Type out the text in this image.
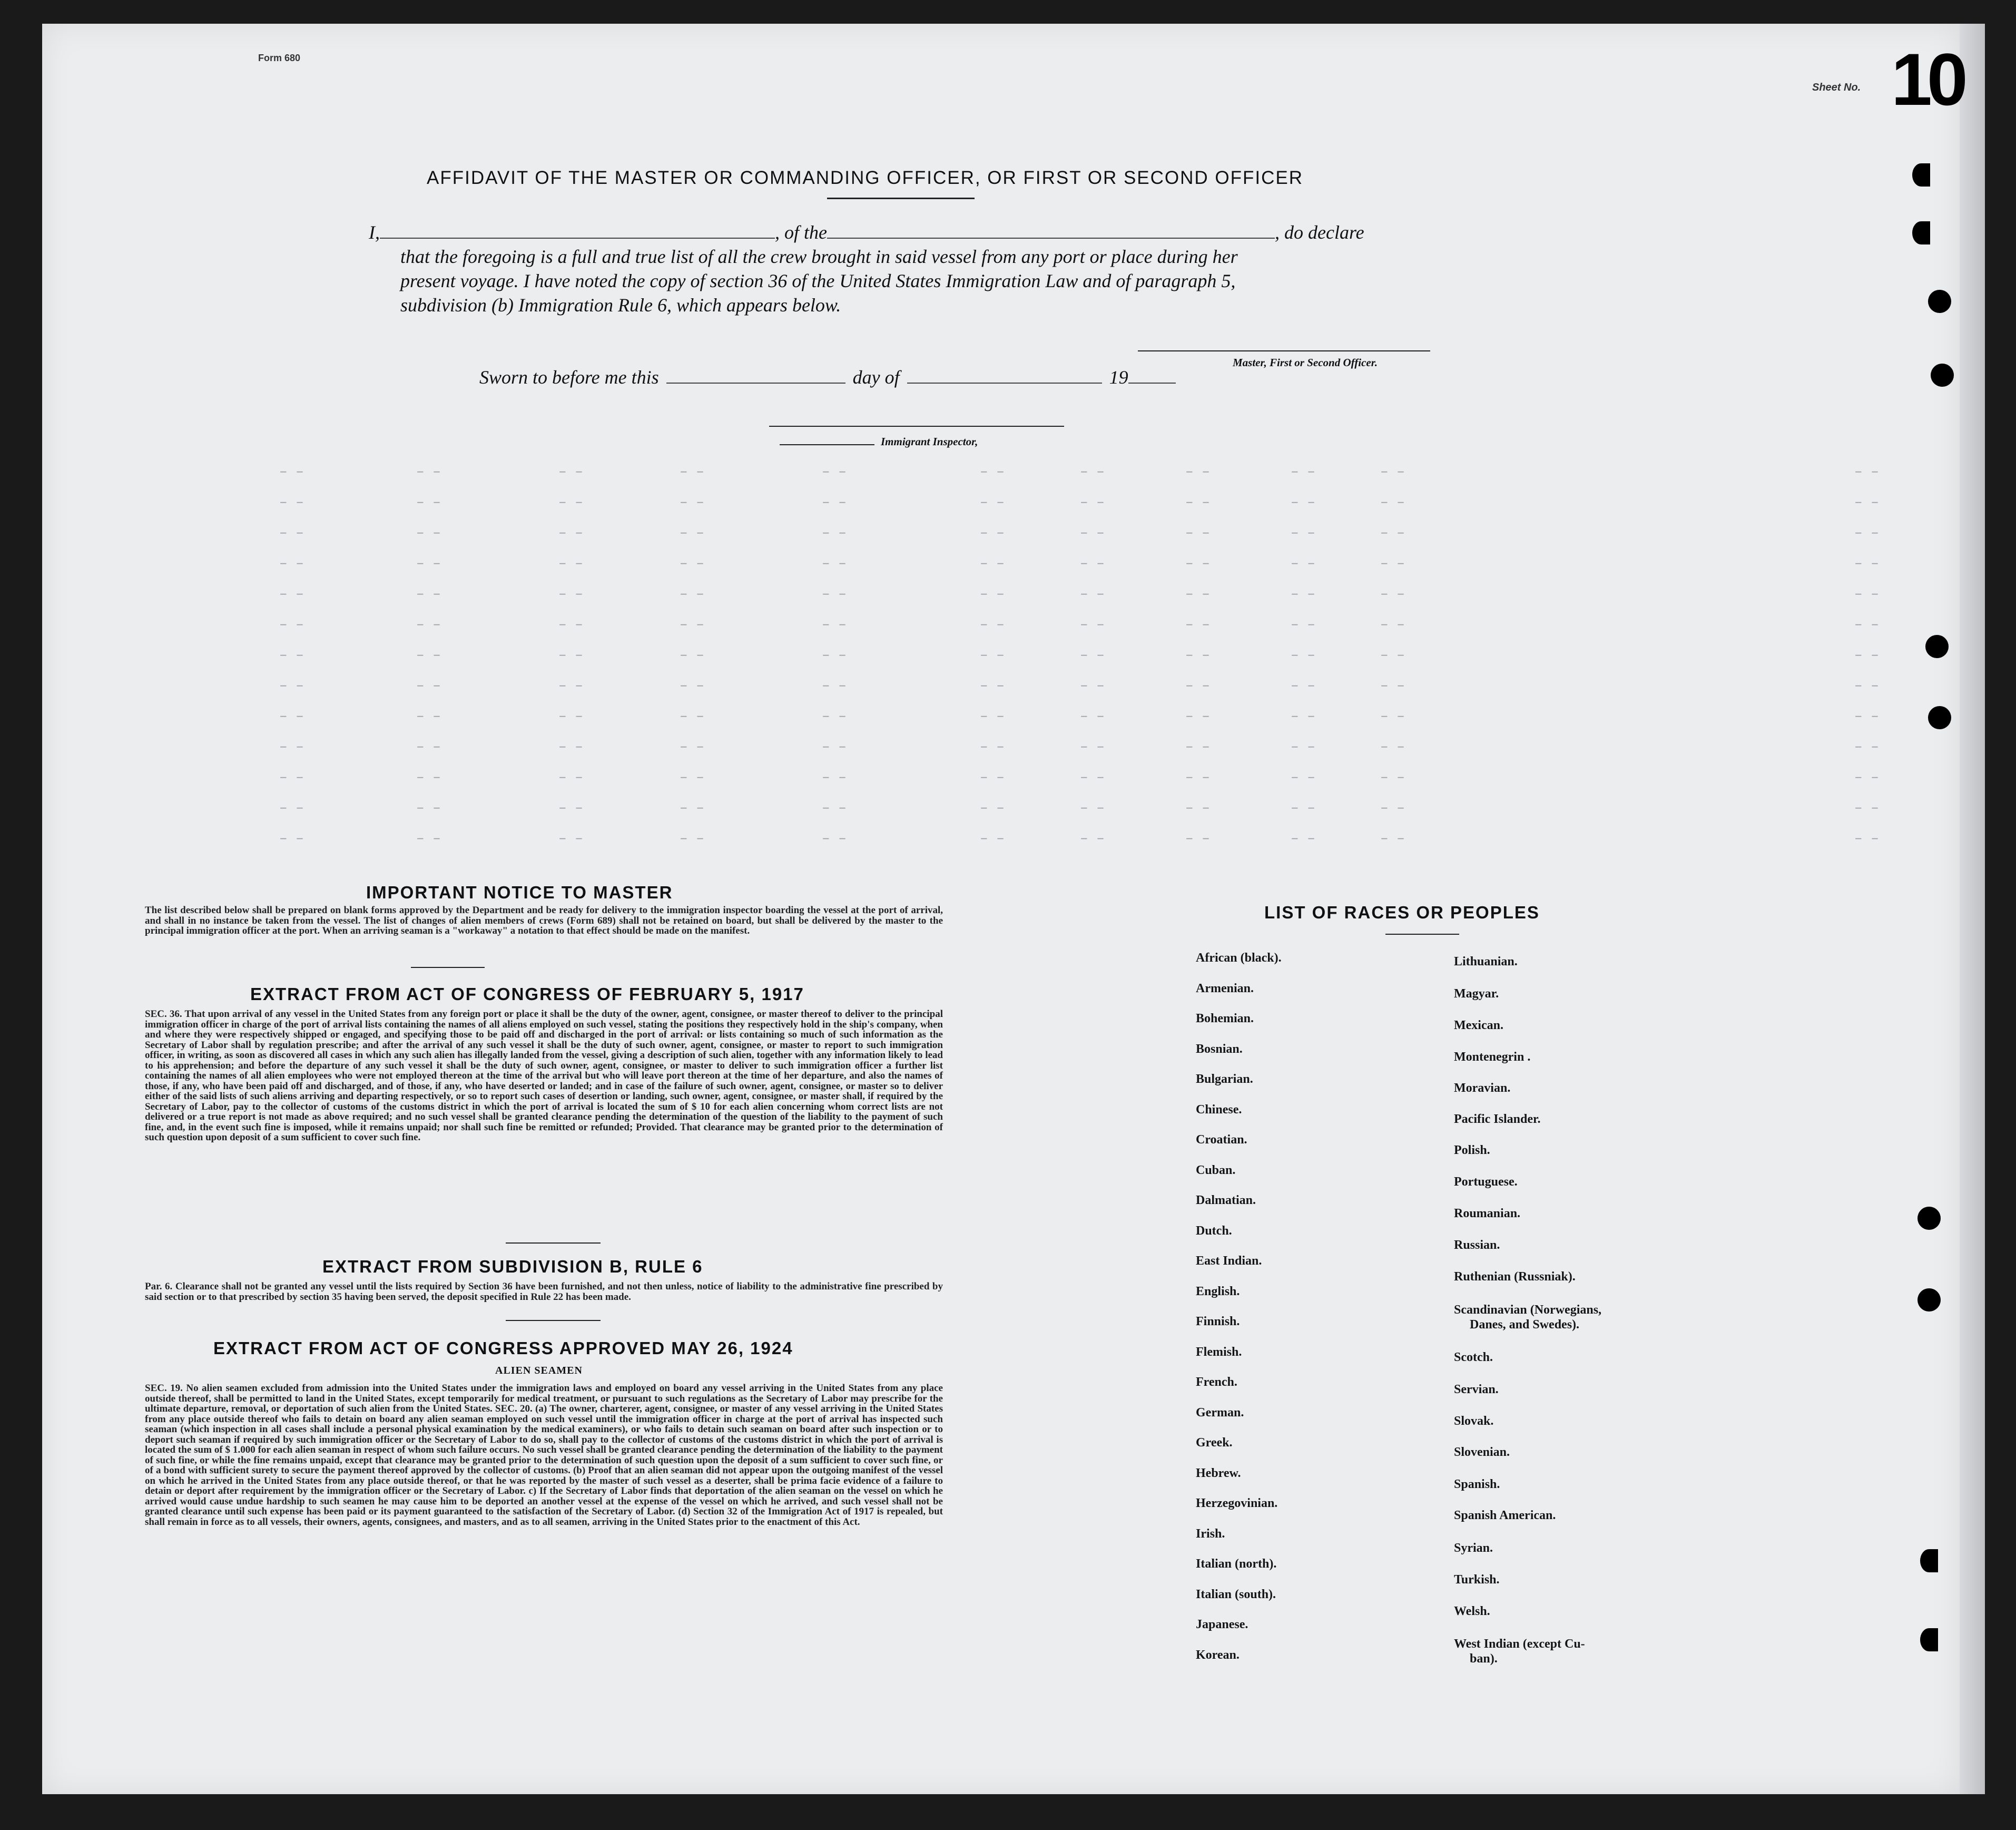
– –	– –	– –	– –	– –	– –	– –	– –	– –	– –	– –
– –	– –	– –	– –	– –	– –	– –	– –	– –	– –	– –
– –	– –	– –	– –	– –	– –	– –	– –	– –	– –	– –
– –	– –	– –	– –	– –	– –	– –	– –	– –	– –	– –
– –	– –	– –	– –	– –	– –	– –	– –	– –	– –	– –
– –	– –	– –	– –	– –	– –	– –	– –	– –	– –	– –
– –	– –	– –	– –	– –	– –	– –	– –	– –	– –	– –
– –	– –	– –	– –	– –	– –	– –	– –	– –	– –	– –
– –	– –	– –	– –	– –	– –	– –	– –	– –	– –	– –
– –	– –	– –	– –	– –	– –	– –	– –	– –	– –	– –
– –	– –	– –	– –	– –	– –	– –	– –	– –	– –	– –
– –	– –	– –	– –	– –	– –	– –	– –	– –	– –	– –
– –	– –	– –	– –	– –	– –	– –	– –	– –	– –	– –
Form 680
Sheet No. 10
AFFIDAVIT OF THE MASTER OR COMMANDING OFFICER, OR FIRST OR SECOND OFFICER
I,	, of the	, do declare
that the foregoing is a full and true list of all the crew brought in said vessel from any port or place during her
present voyage. I have noted the copy of section 36 of the United States Immigration Law and of paragraph 5,
subdivision (b) Immigration Rule 6, which appears below.
Master, First or Second Officer.
Sworn to before me this	day of	19
Immigrant Inspector,
IMPORTANT NOTICE TO MASTER
The list described below shall be prepared on blank forms approved by the Department and be ready for delivery to the immigration inspector boarding the vessel at the port of arrival, and shall in no instance be taken from the vessel. The list of changes of alien members of crews (Form 689) shall not be retained on board, but shall be delivered by the master to the principal immigration officer at the port. When an arriving seaman is a "workaway" a notation to that effect should be made on the manifest.
EXTRACT FROM ACT OF CONGRESS OF FEBRUARY 5, 1917
SEC. 36. That upon arrival of any vessel in the United States from any foreign port or place it shall be the duty of the owner, agent, consignee, or master thereof to deliver to the principal immigration officer in charge of the port of arrival lists containing the names of all aliens employed on such vessel, stating the positions they respectively hold in the ship's company, when and where they were respectively shipped or engaged, and specifying those to be paid off and discharged in the port of arrival: or lists containing so much of such information as the Secretary of Labor shall by regulation prescribe; and after the arrival of any such vessel it shall be the duty of such owner, agent, consignee, or master to report to such immigration officer, in writing, as soon as discovered all cases in which any such alien has illegally landed from the vessel, giving a description of such alien, together with any information likely to lead to his apprehension; and before the departure of any such vessel it shall be the duty of such owner, agent, consignee, or master to deliver to such immigration officer a further list containing the names of all alien employees who were not employed thereon at the time of the arrival but who will leave port thereon at the time of her departure, and also the names of those, if any, who have been paid off and discharged, and of those, if any, who have deserted or landed; and in case of the failure of such owner, agent, consignee, or master so to deliver either of the said lists of such aliens arriving and departing respectively, or so to report such cases of desertion or landing, such owner, agent, consignee, or master shall, if required by the Secretary of Labor, pay to the collector of customs of the customs district in which the port of arrival is located the sum of $ 10 for each alien concerning whom correct lists are not delivered or a true report is not made as above required; and no such vessel shall be granted clearance pending the determination of the question of the liability to the payment of such fine, and, in the event such fine is imposed, while it remains unpaid; nor shall such fine be remitted or refunded; Provided. That clearance may be granted prior to the determination of such question upon deposit of a sum sufficient to cover such fine.
EXTRACT FROM SUBDIVISION B, RULE 6
Par. 6. Clearance shall not be granted any vessel until the lists required by Section 36 have been furnished, and not then unless, notice of liability to the administrative fine prescribed by said section or to that prescribed by section 35 having been served, the deposit specified in Rule 22 has been made.
EXTRACT FROM ACT OF CONGRESS APPROVED MAY 26, 1924
ALIEN SEAMEN
SEC. 19. No alien seamen excluded from admission into the United States under the immigration laws and employed on board any vessel arriving in the United States from any place outside thereof, shall be permitted to land in the United States, except temporarily for medical treatment, or pursuant to such regulations as the Secretary of Labor may prescribe for the ultimate departure, removal, or deportation of such alien from the United States. SEC. 20. (a) The owner, charterer, agent, consignee, or master of any vessel arriving in the United States from any place outside thereof who fails to detain on board any alien seaman employed on such vessel until the immigration officer in charge at the port of arrival has inspected such seaman (which inspection in all cases shall include a personal physical examination by the medical examiners), or who fails to detain such seaman on board after such inspection or to deport such seaman if required by such immigration officer or the Secretary of Labor to do so, shall pay to the collector of customs of the customs district in which the port of arrival is located the sum of $ 1.000 for each alien seaman in respect of whom such failure occurs. No such vessel shall be granted clearance pending the determination of the liability to the payment of such fine, or while the fine remains unpaid, except that clearance may be granted prior to the determination of such question upon the deposit of a sum sufficient to cover such fine, or of a bond with sufficient surety to secure the payment thereof approved by the collector of customs. (b) Proof that an alien seaman did not appear upon the outgoing manifest of the vessel on which he arrived in the United States from any place outside thereof, or that he was reported by the master of such vessel as a deserter, shall be prima facie evidence of a failure to detain or deport after requirement by the immigration officer or the Secretary of Labor. c) If the Secretary of Labor finds that deportation of the alien seaman on the vessel on which he arrived would cause undue hardship to such seamen he may cause him to be deported an another vessel at the expense of the vessel on which he arrived, and such vessel shall not be granted clearance until such expense has been paid or its payment guaranteed to the satisfaction of the Secretary of Labor. (d) Section 32 of the Immigration Act of 1917 is repealed, but shall remain in force as to all vessels, their owners, agents, consignees, and masters, and as to all seamen, arriving in the United States prior to the enactment of this Act.
LIST OF RACES OR PEOPLES
African (black).
Armenian.
Bohemian.
Bosnian.
Bulgarian.
Chinese.
Croatian.
Cuban.
Dalmatian.
Dutch.
East Indian.
English.
Finnish.
Flemish.
French.
German.
Greek.
Hebrew.
Herzegovinian.
Irish.
Italian (north).
Italian (south).
Japanese.
Korean.
Lithuanian.
Magyar.
Mexican.
Montenegrin .
Moravian.
Pacific Islander.
Polish.
Portuguese.
Roumanian.
Russian.
Ruthenian (Russniak).
Scandinavian (Norwegians,
Danes, and Swedes).
Scotch.
Servian.
Slovak.
Slovenian.
Spanish.
Spanish American.
Syrian.
Turkish.
Welsh.
West Indian (except Cu-
ban).
